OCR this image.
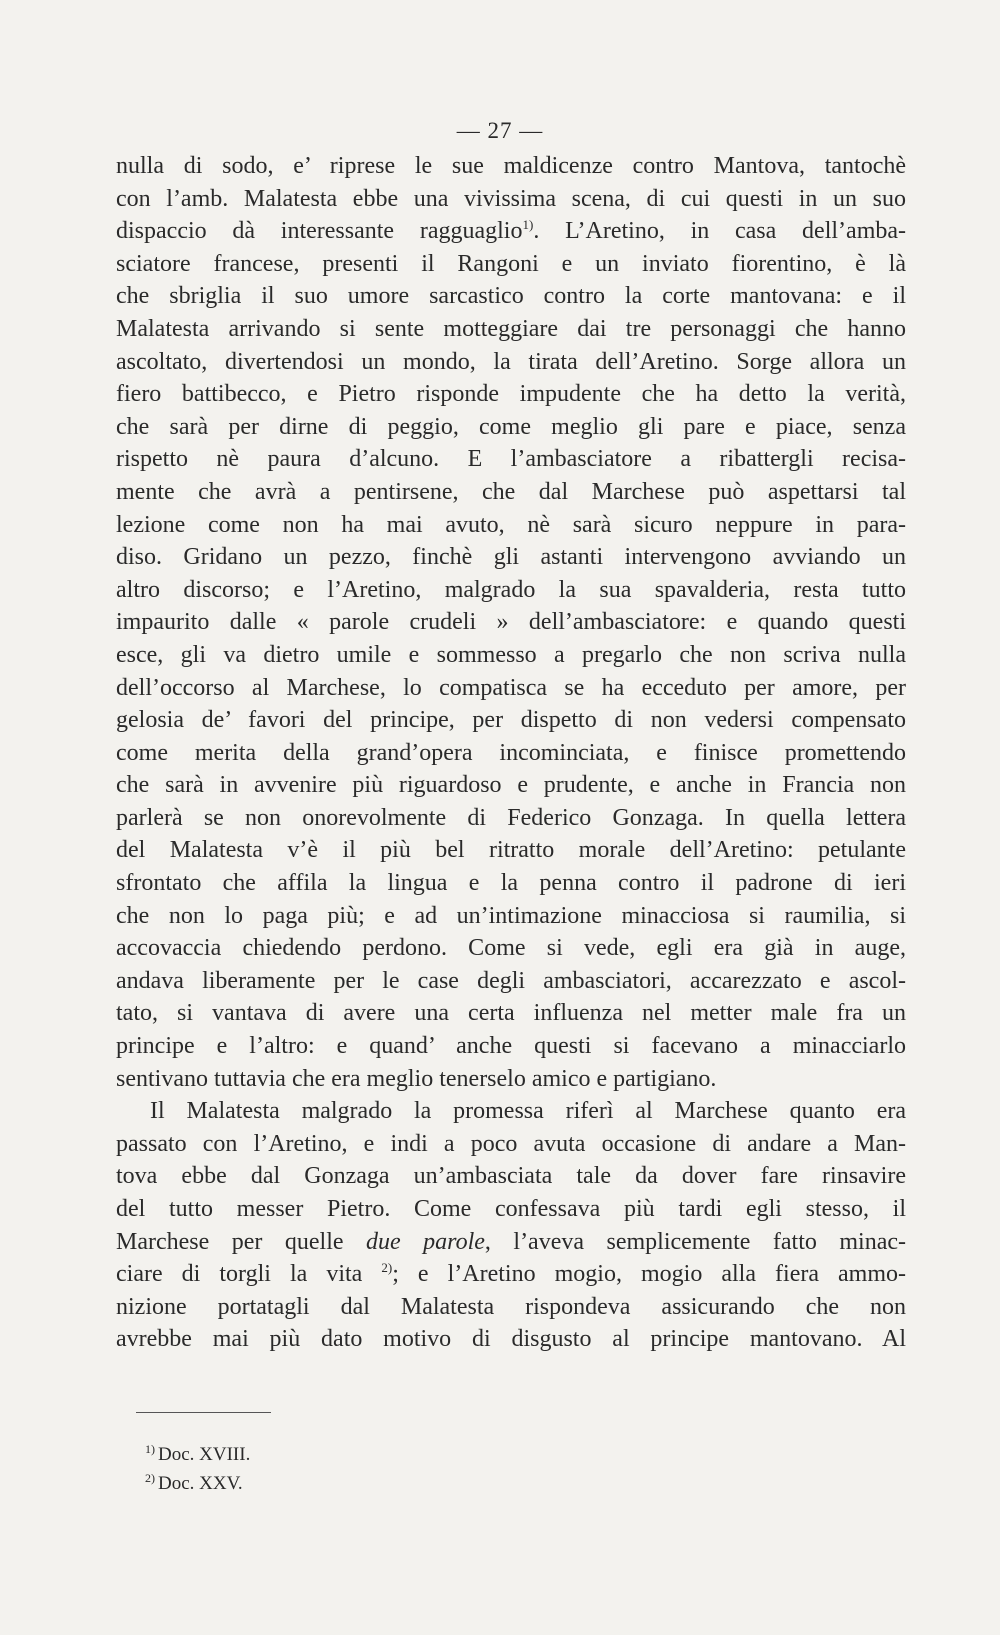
— 27 —
nulla di sodo, e’ riprese le sue maldicenze contro Mantova, tantochè
con l’amb. Malatesta ebbe una vivissima scena, di cui questi in un suo
dispaccio dà interessante ragguaglio$^{1)}$. L’Aretino, in casa dell’amba-
sciatore francese, presenti il Rangoni e un inviato fiorentino, è là
che sbriglia il suo umore sarcastico contro la corte mantovana: e il
Malatesta arrivando si sente motteggiare dai tre personaggi che hanno
ascoltato, divertendosi un mondo, la tirata dell’Aretino. Sorge allora un
fiero battibecco, e Pietro risponde impudente che ha detto la verità,
che sarà per dirne di peggio, come meglio gli pare e piace, senza
rispetto nè paura d’alcuno. E l’ambasciatore a ribattergli recisa-
mente che avrà a pentirsene, che dal Marchese può aspettarsi tal
lezione come non ha mai avuto, nè sarà sicuro neppure in para-
diso. Gridano un pezzo, finchè gli astanti intervengono avviando un
altro discorso; e l’Aretino, malgrado la sua spavalderia, resta tutto
impaurito dalle « parole crudeli » dell’ambasciatore: e quando questi
esce, gli va dietro umile e sommesso a pregarlo che non scriva nulla
dell’occorso al Marchese, lo compatisca se ha ecceduto per amore, per
gelosia de’ favori del principe, per dispetto di non vedersi compensato
come merita della grand’opera incominciata, e finisce promettendo
che sarà in avvenire più riguardoso e prudente, e anche in Francia non
parlerà se non onorevolmente di Federico Gonzaga. In quella lettera
del Malatesta v’è il più bel ritratto morale dell’Aretino: petulante
sfrontato che affila la lingua e la penna contro il padrone di ieri
che non lo paga più; e ad un’intimazione minacciosa si raumilia, si
accovaccia chiedendo perdono. Come si vede, egli era già in auge,
andava liberamente per le case degli ambasciatori, accarezzato e ascol-
tato, si vantava di avere una certa influenza nel metter male fra un
principe e l’altro: e quand’ anche questi si facevano a minacciarlo
sentivano tuttavia che era meglio tenerselo amico e partigiano.
Il Malatesta malgrado la promessa riferì al Marchese quanto era
passato con l’Aretino, e indi a poco avuta occasione di andare a Man-
tova ebbe dal Gonzaga un’ambasciata tale da dover fare rinsavire
del tutto messer Pietro. Come confessava più tardi egli stesso, il
Marchese per quelle due parole, l’aveva semplicemente fatto minac-
ciare di torgli la vita $^{2)}$; e l’Aretino mogio, mogio alla fiera ammo-
nizione portatagli dal Malatesta rispondeva assicurando che non
avrebbe mai più dato motivo di disgusto al principe mantovano. Al
$^{1)}$ Doc. XVIII.
$^{2)}$ Doc. XXV.
